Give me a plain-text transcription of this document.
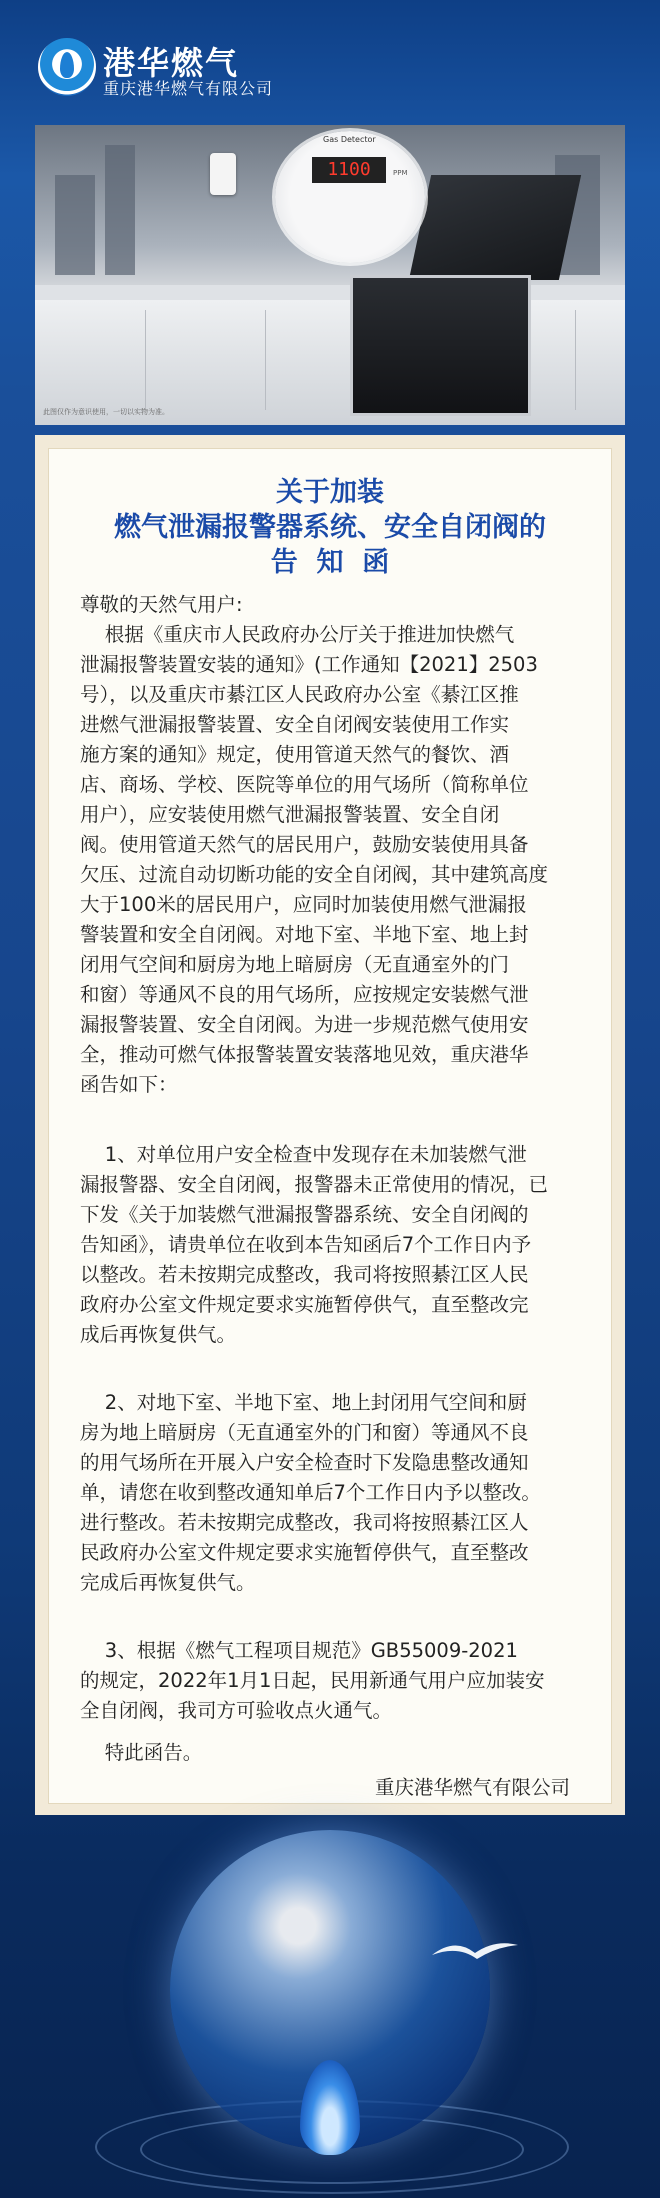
港华燃气
重庆港华燃气有限公司
Gas Detector
1100	PPM
此图仅作为意识使用，一切以实物为准。
关于加装
燃气泄漏报警器系统、安全自闭阀的
告  知  函
尊敬的天然气用户:

根据《重庆市人民政府办公厅关于推进加快燃气

泄漏报警装置安装的通知》(工作通知【2021】2503

号），以及重庆市綦江区人民政府办公室《綦江区推

进燃气泄漏报警装置、安全自闭阀安装使用工作实

施方案的通知》规定，使用管道天然气的餐饮、酒

店、商场、学校、医院等单位的用气场所（简称单位

用户），应安装使用燃气泄漏报警装置、安全自闭

阀。使用管道天然气的居民用户，鼓励安装使用具备

欠压、过流自动切断功能的安全自闭阀，其中建筑高度

大于100米的居民用户，应同时加装使用燃气泄漏报

警装置和安全自闭阀。对地下室、半地下室、地上封

闭用气空间和厨房为地上暗厨房（无直通室外的门

和窗）等通风不良的用气场所，应按规定安装燃气泄

漏报警装置、安全自闭阀。为进一步规范燃气使用安

全，推动可燃气体报警装置安装落地见效，重庆港华

函告如下：

1、对单位用户安全检查中发现存在未加装燃气泄

漏报警器、安全自闭阀，报警器未正常使用的情况，已

下发《关于加装燃气泄漏报警器系统、安全自闭阀的

告知函》，请贵单位在收到本告知函后7个工作日内予

以整改。若未按期完成整改，我司将按照綦江区人民

政府办公室文件规定要求实施暂停供气，直至整改完

成后再恢复供气。

2、对地下室、半地下室、地上封闭用气空间和厨

房为地上暗厨房（无直通室外的门和窗）等通风不良

的用气场所在开展入户安全检查时下发隐患整改通知

单，请您在收到整改通知单后7个工作日内予以整改。

进行整改。若未按期完成整改，我司将按照綦江区人

民政府办公室文件规定要求实施暂停供气，直至整改

完成后再恢复供气。

3、根据《燃气工程项目规范》GB55009-2021

的规定，2022年1月1日起，民用新通气用户应加装安

全自闭阀，我司方可验收点火通气。

特此函告。
重庆港华燃气有限公司
